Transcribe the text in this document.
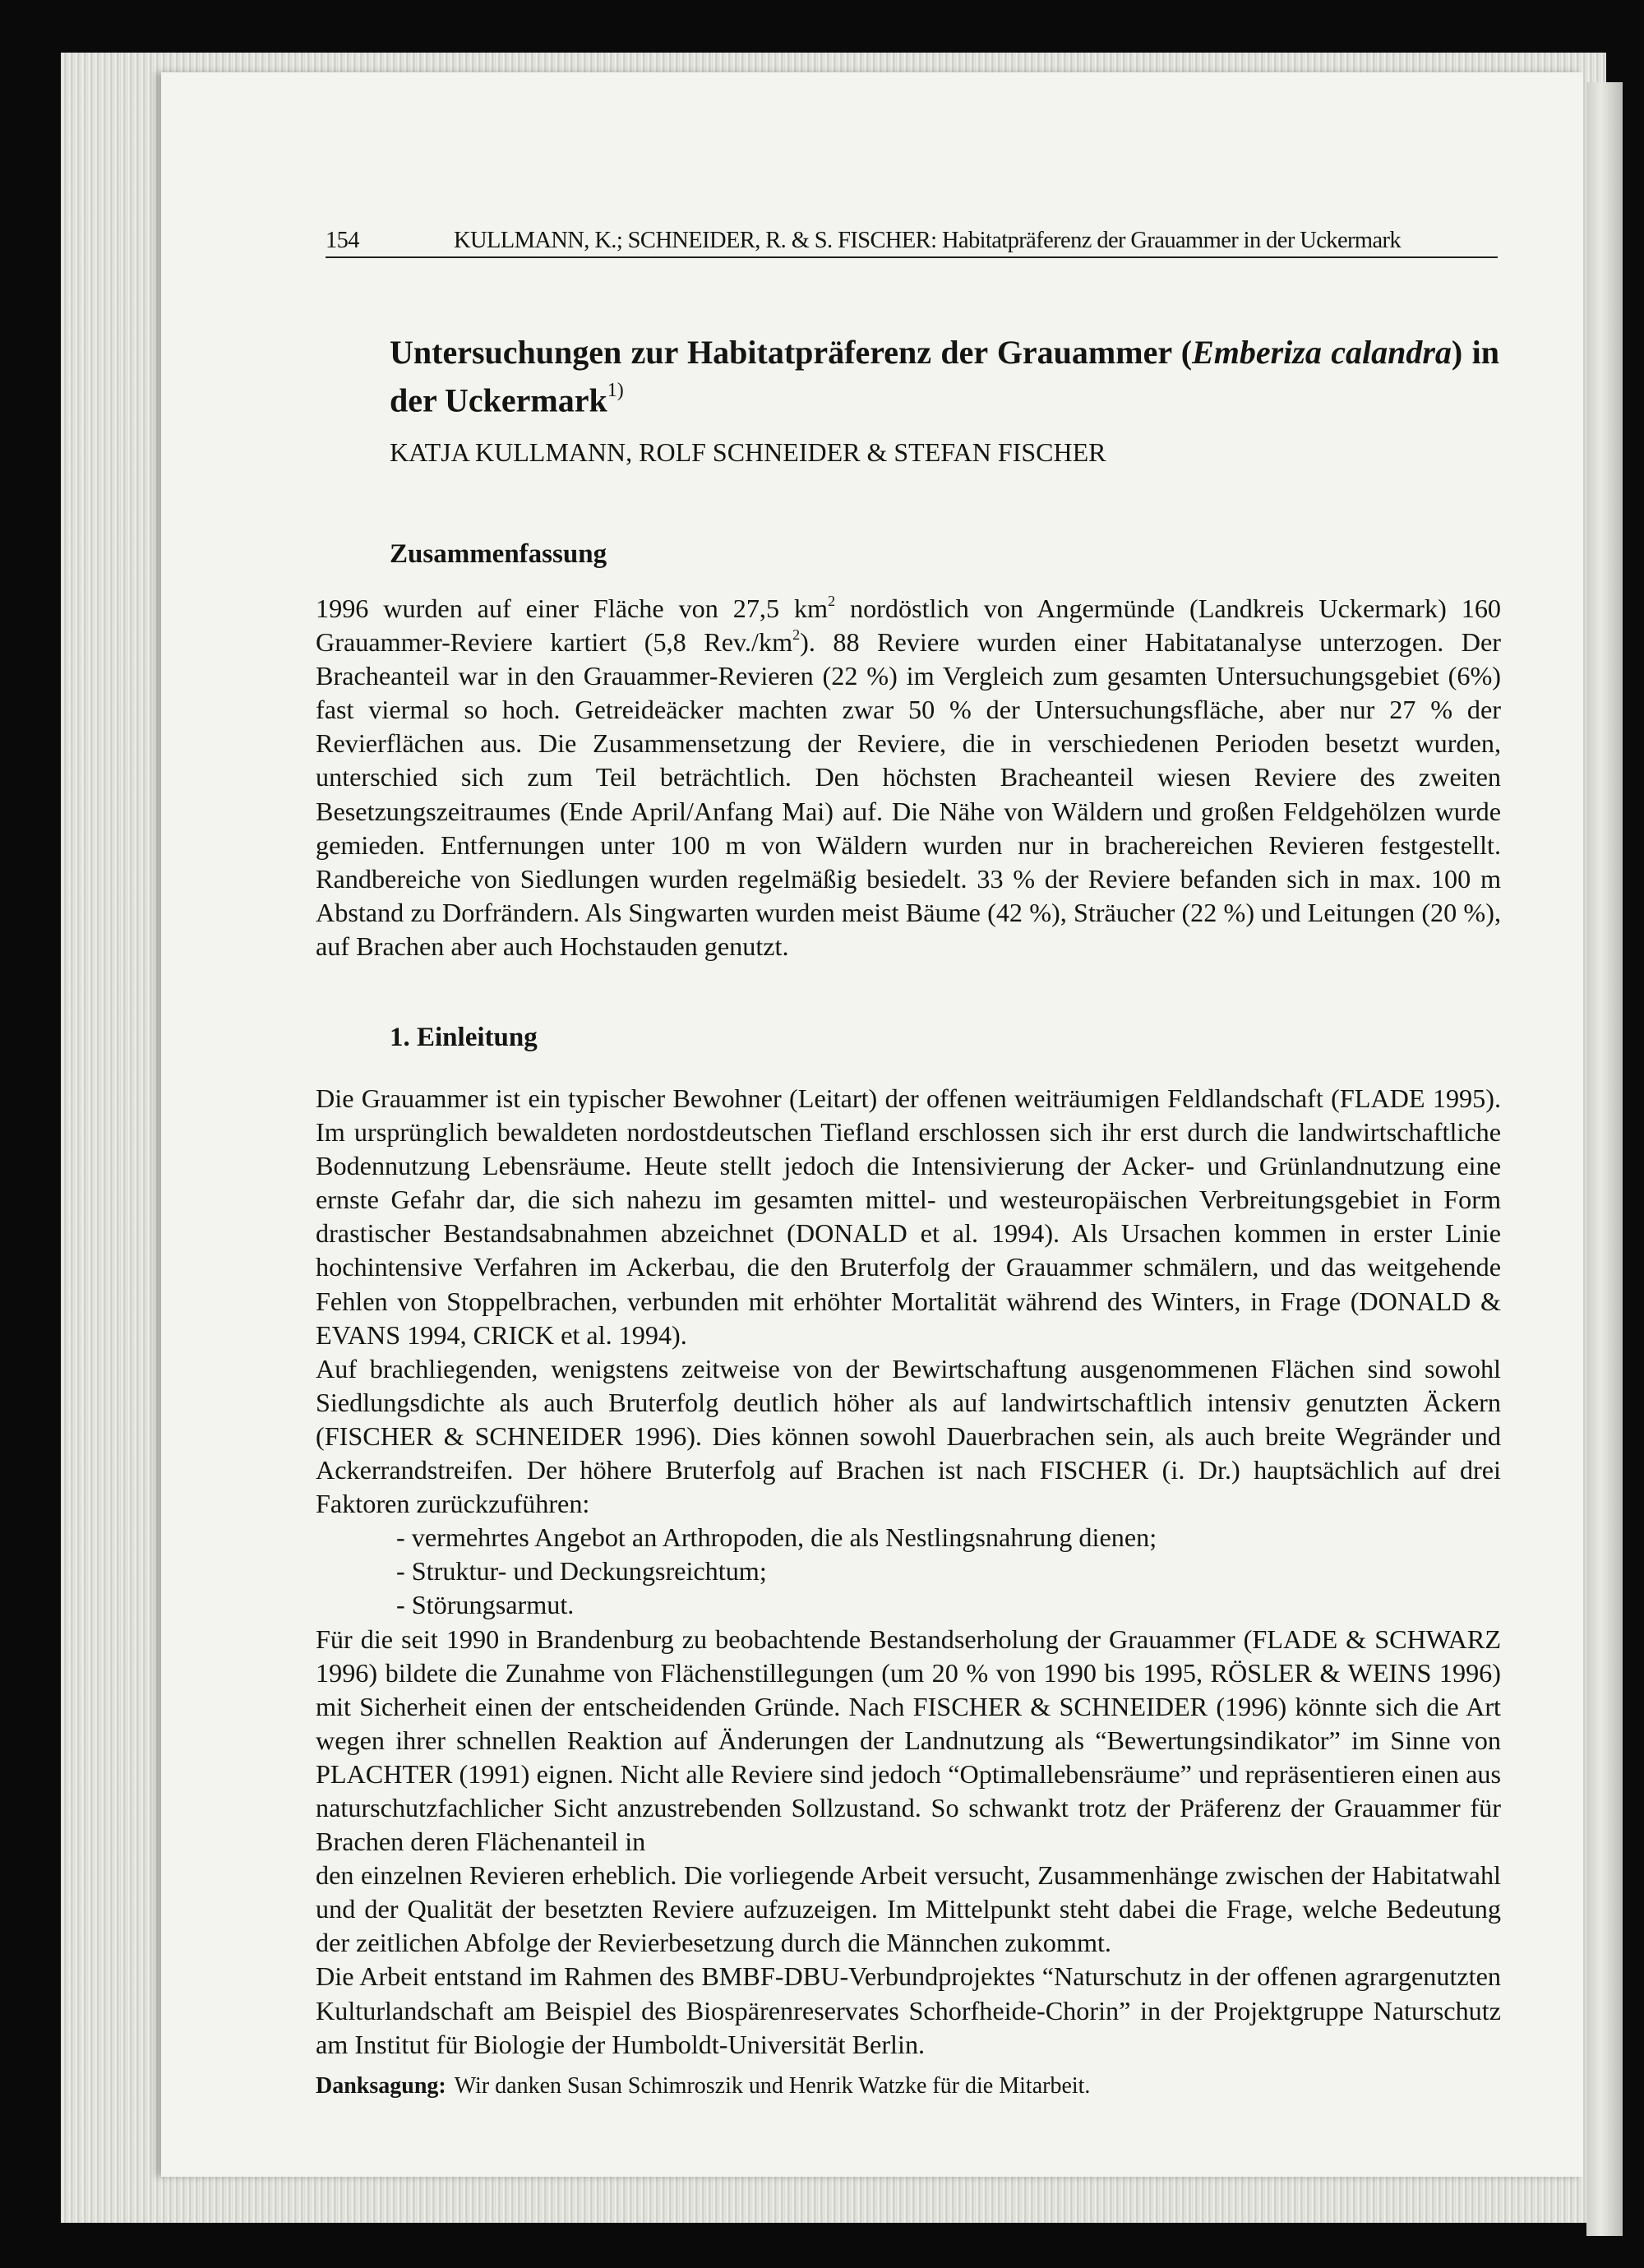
154	KULLMANN, K.; SCHNEIDER, R. & S. FISCHER: Habitatpräferenz der Grauammer in der Uckermark
Untersuchungen zur Habitatpräferenz der Grauammer (Emberiza calandra) in der Uckermark$^{1)}$
KATJA KULLMANN, ROLF SCHNEIDER & STEFAN FISCHER
Zusammenfassung

1996 wurden auf einer Fläche von 27,5 $km^2$ nordöstlich von Angermünde (Landkreis Uckermark) 160 Grauammer-Reviere kartiert (5,8 $Rev./km^2$). 88 Reviere wurden einer Habitatanalyse unterzogen. Der Bracheanteil war in den Grauammer-Revieren (22 %) im Vergleich zum gesamten Untersuchungsgebiet (6%) fast viermal so hoch. Getreideäcker machten zwar 50 % der Untersuchungsfläche, aber nur 27 % der Revierflächen aus. Die Zusammensetzung der Reviere, die in verschiedenen Perioden besetzt wurden, unterschied sich zum Teil beträchtlich. Den höchsten Bracheanteil wiesen Reviere des zweiten Besetzungszeitraumes (Ende April/Anfang Mai) auf. Die Nähe von Wäldern und großen Feldgehölzen wurde gemieden. Entfernungen unter 100 m von Wäldern wurden nur in brachereichen Revieren festgestellt. Randbereiche von Siedlungen wurden regelmäßig besiedelt. 33 % der Reviere befanden sich in max. 100 m Abstand zu Dorfrändern. Als Singwarten wurden meist Bäume (42 %), Sträucher (22 %) und Leitungen (20 %), auf Brachen aber auch Hochstauden genutzt.

1. Einleitung

Die Grauammer ist ein typischer Bewohner (Leitart) der offenen weiträumigen Feldlandschaft (FLADE 1995). Im ursprünglich bewaldeten nordostdeutschen Tiefland erschlossen sich ihr erst durch die landwirtschaftliche Bodennutzung Lebensräume. Heute stellt jedoch die Intensivierung der Acker- und Grünlandnutzung eine ernste Gefahr dar, die sich nahezu im gesamten mittel- und westeuropäischen Verbreitungsgebiet in Form drastischer Bestandsabnahmen abzeichnet (DONALD et al. 1994). Als Ursachen kommen in erster Linie hochintensive Verfahren im Ackerbau, die den Bruterfolg der Grauammer schmälern, und das weitgehende Fehlen von Stoppelbrachen, verbunden mit erhöhter Mortalität während des Winters, in Frage (DONALD & EVANS 1994, CRICK et al. 1994).

Auf brachliegenden, wenigstens zeitweise von der Bewirtschaftung ausgenommenen Flächen sind sowohl Siedlungsdichte als auch Bruterfolg deutlich höher als auf landwirtschaftlich intensiv genutzten Äckern (FISCHER & SCHNEIDER 1996). Dies können sowohl Dauerbrachen sein, als auch breite Wegränder und Ackerrandstreifen. Der höhere Bruterfolg auf Brachen ist nach FISCHER (i. Dr.) hauptsächlich auf drei Faktoren zurückzuführen:

- vermehrtes Angebot an Arthropoden, die als Nestlingsnahrung dienen;
- Struktur- und Deckungsreichtum;
- Störungsarmut.

Für die seit 1990 in Brandenburg zu beobachtende Bestandserholung der Grauammer (FLADE & SCHWARZ 1996) bildete die Zunahme von Flächenstillegungen (um 20 % von 1990 bis 1995, RÖSLER & WEINS 1996) mit Sicherheit einen der entscheidenden Gründe. Nach FISCHER & SCHNEIDER (1996) könnte sich die Art wegen ihrer schnellen Reaktion auf Änderungen der Landnutzung als “Bewertungsindikator” im Sinne von PLACHTER (1991) eignen. Nicht alle Reviere sind jedoch “Optimallebensräume” und repräsentieren einen aus naturschutzfachlicher Sicht anzustrebenden Sollzustand. So schwankt trotz der Präferenz der Grauammer für Brachen deren Flächenanteil in

den einzelnen Revieren erheblich. Die vorliegende Arbeit versucht, Zusammenhänge zwischen der Habitatwahl und der Qualität der besetzten Reviere aufzuzeigen. Im Mittelpunkt steht dabei die Frage, welche Bedeutung der zeitlichen Abfolge der Revierbesetzung durch die Männchen zukommt.

Die Arbeit entstand im Rahmen des BMBF-DBU-Verbundprojektes “Naturschutz in der offenen agrargenutzten Kulturlandschaft am Beispiel des Biospärenreservates Schorfheide-Chorin” in der Projektgruppe Naturschutz am Institut für Biologie der Humboldt-Universität Berlin.

Danksagung: Wir danken Susan Schimroszik und Henrik Watzke für die Mitarbeit.
